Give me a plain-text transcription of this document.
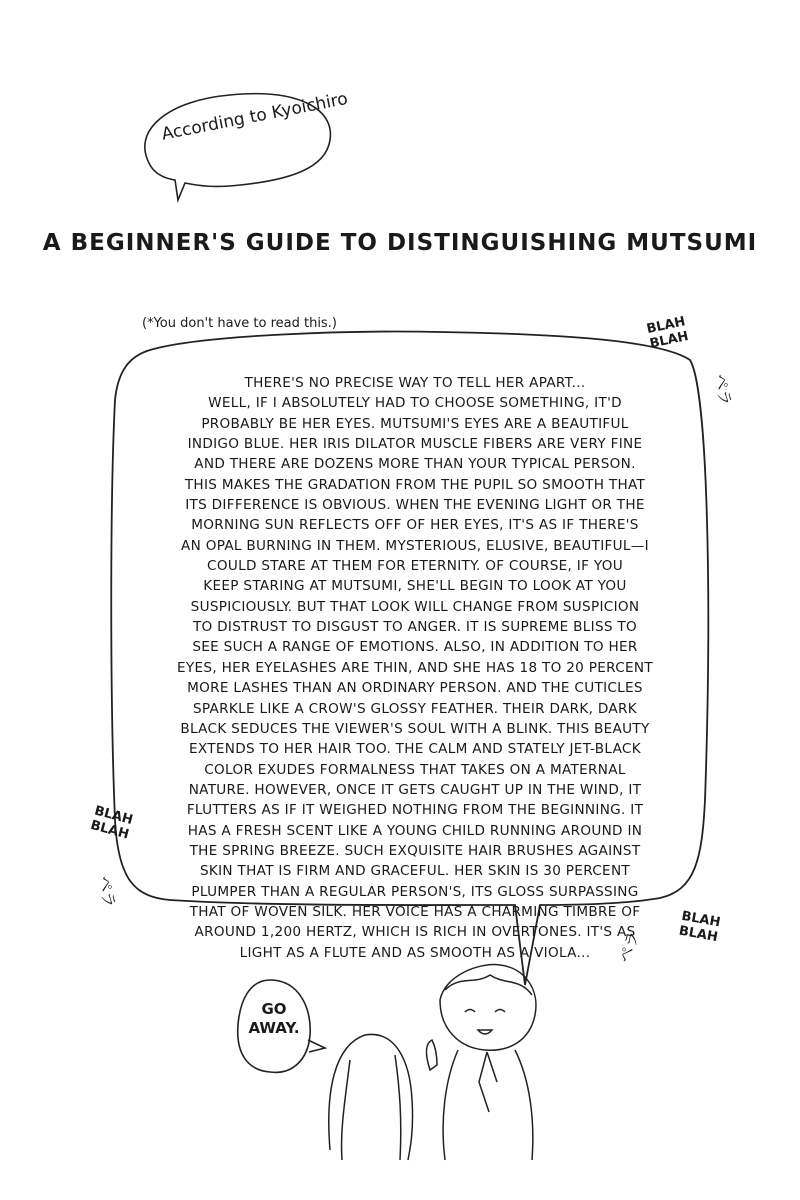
According to Kyoichiro
A BEGINNER'S GUIDE TO DISTINGUISHING MUTSUMI
(*You don't have to read this.)
THERE'S NO PRECISE WAY TO TELL HER APART...
WELL, IF I ABSOLUTELY HAD TO CHOOSE SOMETHING, IT'D
PROBABLY BE HER EYES. MUTSUMI'S EYES ARE A BEAUTIFUL
INDIGO BLUE. HER IRIS DILATOR MUSCLE FIBERS ARE VERY FINE
AND THERE ARE DOZENS MORE THAN YOUR TYPICAL PERSON.
THIS MAKES THE GRADATION FROM THE PUPIL SO SMOOTH THAT
ITS DIFFERENCE IS OBVIOUS. WHEN THE EVENING LIGHT OR THE
MORNING SUN REFLECTS OFF OF HER EYES, IT'S AS IF THERE'S
AN OPAL BURNING IN THEM. MYSTERIOUS, ELUSIVE, BEAUTIFUL—I
COULD STARE AT THEM FOR ETERNITY. OF COURSE, IF YOU
KEEP STARING AT MUTSUMI, SHE'LL BEGIN TO LOOK AT YOU
SUSPICIOUSLY. BUT THAT LOOK WILL CHANGE FROM SUSPICION
TO DISTRUST TO DISGUST TO ANGER. IT IS SUPREME BLISS TO
SEE SUCH A RANGE OF EMOTIONS. ALSO, IN ADDITION TO HER
EYES, HER EYELASHES ARE THIN, AND SHE HAS 18 TO 20 PERCENT
MORE LASHES THAN AN ORDINARY PERSON. AND THE CUTICLES
SPARKLE LIKE A CROW'S GLOSSY FEATHER. THEIR DARK, DARK
BLACK SEDUCES THE VIEWER'S SOUL WITH A BLINK. THIS BEAUTY
EXTENDS TO HER HAIR TOO. THE CALM AND STATELY JET-BLACK
COLOR EXUDES FORMALNESS THAT TAKES ON A MATERNAL
NATURE. HOWEVER, ONCE IT GETS CAUGHT UP IN THE WIND, IT
FLUTTERS AS IF IT WEIGHED NOTHING FROM THE BEGINNING. IT
HAS A FRESH SCENT LIKE A YOUNG CHILD RUNNING AROUND IN
THE SPRING BREEZE. SUCH EXQUISITE HAIR BRUSHES AGAINST
SKIN THAT IS FIRM AND GRACEFUL. HER SKIN IS 30 PERCENT
PLUMPER THAN A REGULAR PERSON'S, ITS GLOSS SURPASSING
THAT OF WOVEN SILK. HER VOICE HAS A CHARMING TIMBRE OF
AROUND 1,200 HERTZ, WHICH IS RICH IN OVERTONES. IT'S AS
LIGHT AS A FLUTE AND AS SMOOTH AS A VIOLA...
BLAH
BLAH
ペラ
BLAH
BLAH
ペラ
BLAH
BLAH
ペラ
GO
AWAY.
